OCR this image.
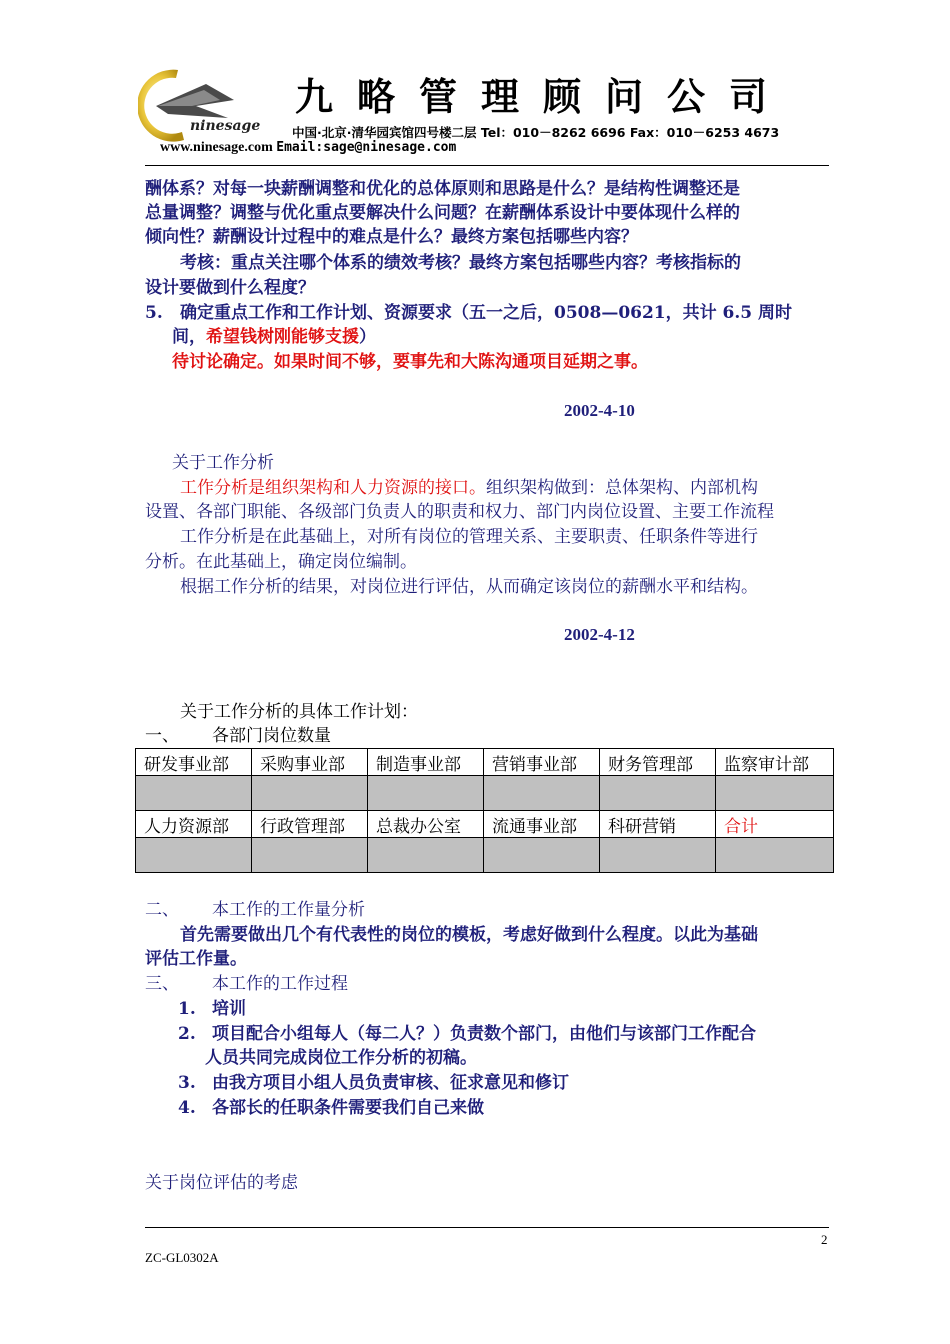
ninesage
九略管理顾问公司
中国·北京·清华园宾馆四号楼二层 Tel：010－8262 6696 Fax：010－6253 4673
www.ninesage.com Email:sage@ninesage.com
酬体系？对每一块薪酬调整和优化的总体原则和思路是什么？是结构性调整还是
总量调整？调整与优化重点要解决什么问题？在薪酬体系设计中要体现什么样的
倾向性？薪酬设计过程中的难点是什么？最终方案包括哪些内容？
考核：重点关注哪个体系的绩效考核？最终方案包括哪些内容？考核指标的
设计要做到什么程度？
5. 确定重点工作和工作计划、资源要求（五一之后，0508—0621，共计 6.5 周时
间，希望钱树刚能够支援）
待讨论确定。如果时间不够，要事先和大陈沟通项目延期之事。
2002-4-10
关于工作分析
工作分析是组织架构和人力资源的接口。组织架构做到：总体架构、内部机构
设置、各部门职能、各级部门负责人的职责和权力、部门内岗位设置、主要工作流程
工作分析是在此基础上，对所有岗位的管理关系、主要职责、任职条件等进行
分析。在此基础上，确定岗位编制。
根据工作分析的结果，对岗位进行评估，从而确定该岗位的薪酬水平和结构。
2002-4-12
关于工作分析的具体工作计划：
一、 各部门岗位数量
研发事业部	采购事业部	制造事业部	营销事业部	财务管理部	监察审计部

人力资源部	行政管理部	总裁办公室	流通事业部	科研营销	合计

二、 本工作的工作量分析
首先需要做出几个有代表性的岗位的模板，考虑好做到什么程度。以此为基础
评估工作量。
三、 本工作的工作过程
1. 培训
2. 项目配合小组每人（每二人？）负责数个部门，由他们与该部门工作配合
人员共同完成岗位工作分析的初稿。
3. 由我方项目小组人员负责审核、征求意见和修订
4. 各部长的任职条件需要我们自己来做
关于岗位评估的考虑
2
ZC-GL0302A
